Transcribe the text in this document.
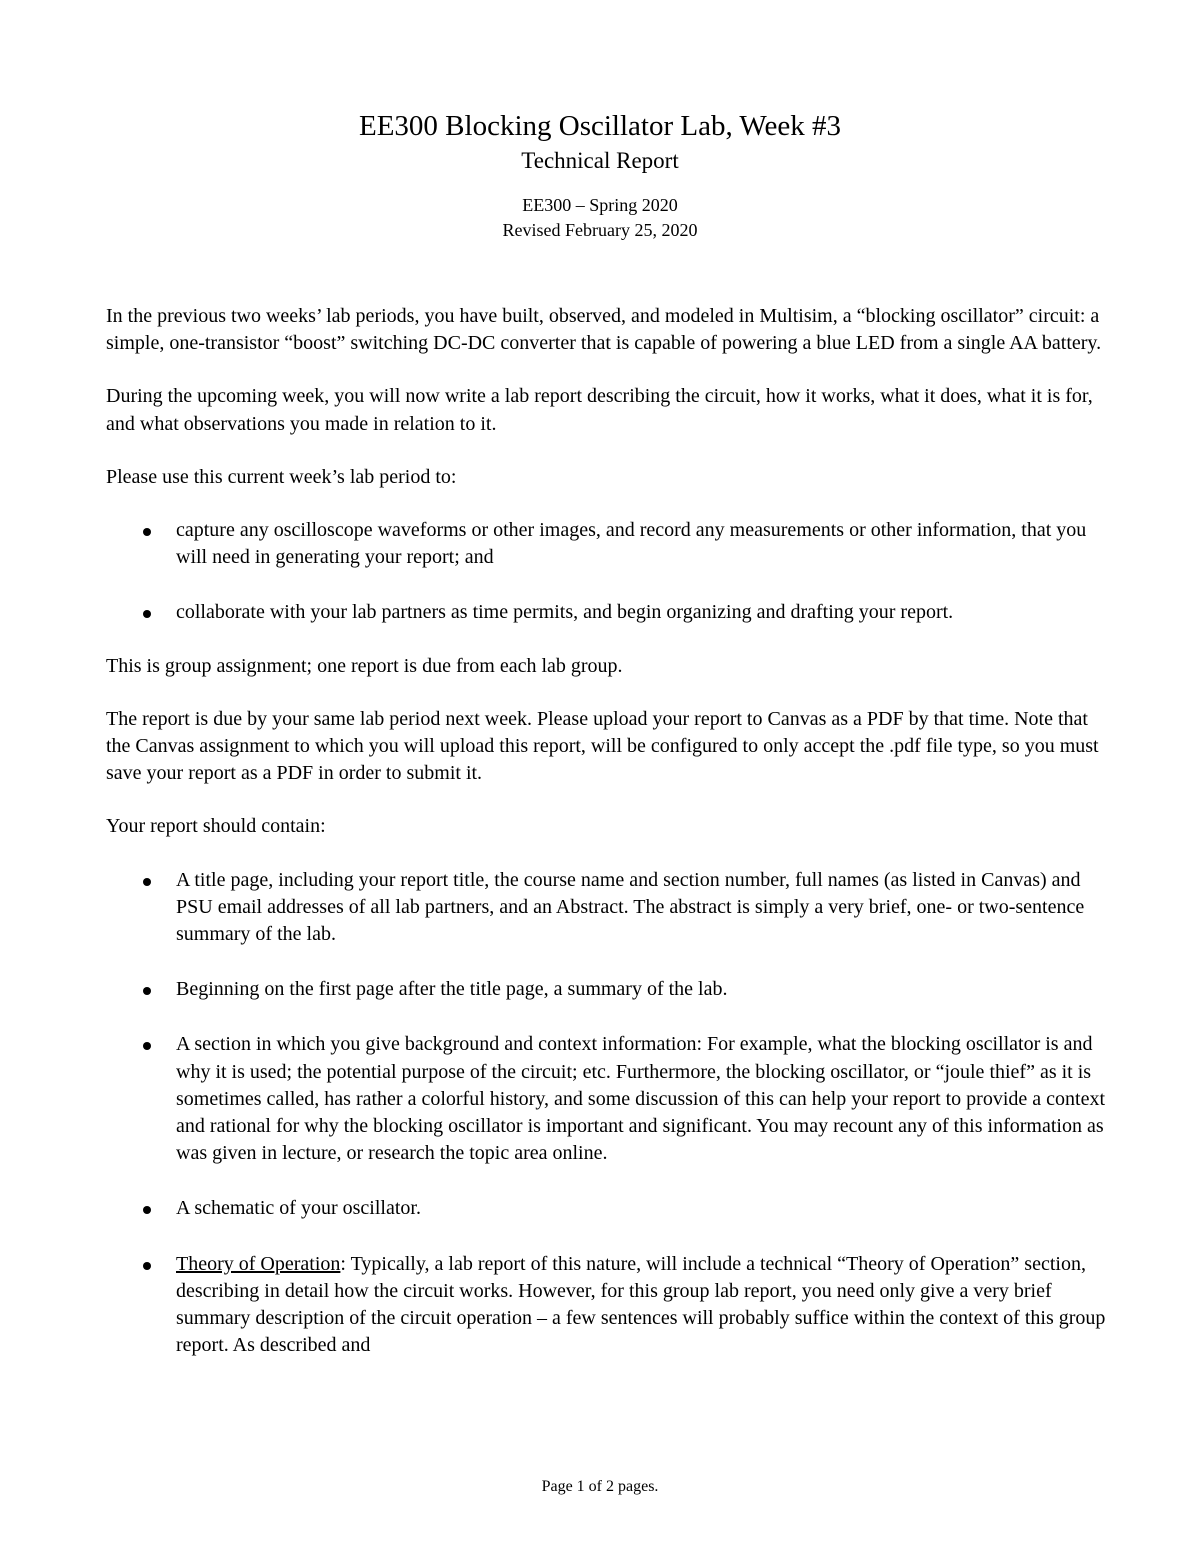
EE300 Blocking Oscillator Lab, Week #3
Technical Report
EE300 – Spring 2020
Revised February 25, 2020

In the previous two weeks’ lab periods, you have built, observed, and modeled in Multisim, a “blocking oscillator” circuit: a simple, one-transistor “boost” switching DC-DC converter that is capable of powering a blue LED from a single AA battery.

During the upcoming week, you will now write a lab report describing the circuit, how it works, what it does, what it is for, and what observations you made in relation to it.

Please use this current week’s lab period to:

capture any oscilloscope waveforms or other images, and record any measurements or other information, that you will need in generating your report; and
collaborate with your lab partners as time permits, and begin organizing and drafting your report.

This is group assignment; one report is due from each lab group.

The report is due by your same lab period next week. Please upload your report to Canvas as a PDF by that time. Note that the Canvas assignment to which you will upload this report, will be configured to only accept the .pdf file type, so you must save your report as a PDF in order to submit it.

Your report should contain:

A title page, including your report title, the course name and section number, full names (as listed in Canvas) and PSU email addresses of all lab partners, and an Abstract. The abstract is simply a very brief, one- or two-sentence summary of the lab.
Beginning on the first page after the title page, a summary of the lab.
A section in which you give background and context information: For example, what the blocking oscillator is and why it is used; the potential purpose of the circuit; etc. Furthermore, the blocking oscillator, or “joule thief” as it is sometimes called, has rather a colorful history, and some discussion of this can help your report to provide a context and rational for why the blocking oscillator is important and significant. You may recount any of this information as was given in lecture, or research the topic area online.
A schematic of your oscillator.
Theory of Operation: Typically, a lab report of this nature, will include a technical “Theory of Operation” section, describing in detail how the circuit works. However, for this group lab report, you need only give a very brief summary description of the circuit operation – a few sentences will probably suffice within the context of this group report. As described and
Page 1 of 2 pages.
